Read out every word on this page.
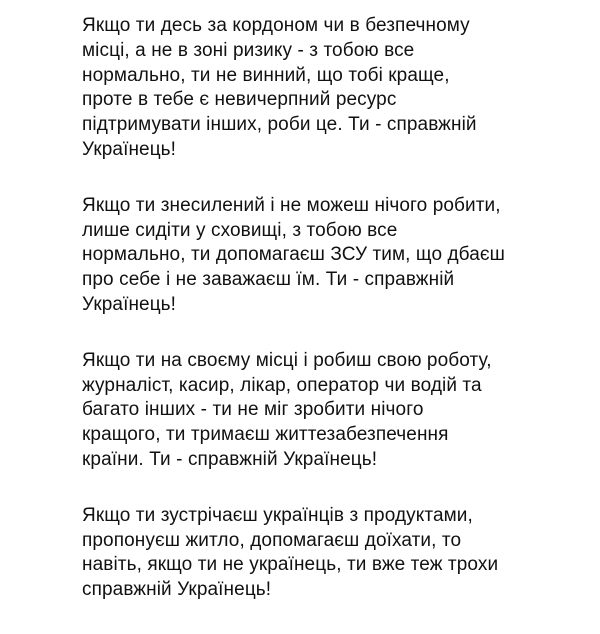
Якщо ти десь за кордоном чи в безпечному
місці, а не в зоні ризику - з тобою все
нормально, ти не винний, що тобі краще,
проте в тебе є невичерпний ресурс
підтримувати інших, роби це. Ти - справжній
Українець!
Якщо ти знесилений і не можеш нічого робити,
лише сидіти у сховищі, з тобою все
нормально, ти допомагаєш ЗСУ тим, що дбаєш
про себе і не заважаєш їм. Ти - справжній
Українець!
Якщо ти на своєму місці і робиш свою роботу,
журналіст, касир, лікар, оператор чи водій та
багато інших - ти не міг зробити нічого
кращого, ти тримаєш життезабезпечення
країни. Ти - справжній Українець!
Якщо ти зустрічаєш українців з продуктами,
пропонуєш житло, допомагаєш доїхати, то
навіть, якщо ти не українець, ти вже теж трохи
справжній Українець!
